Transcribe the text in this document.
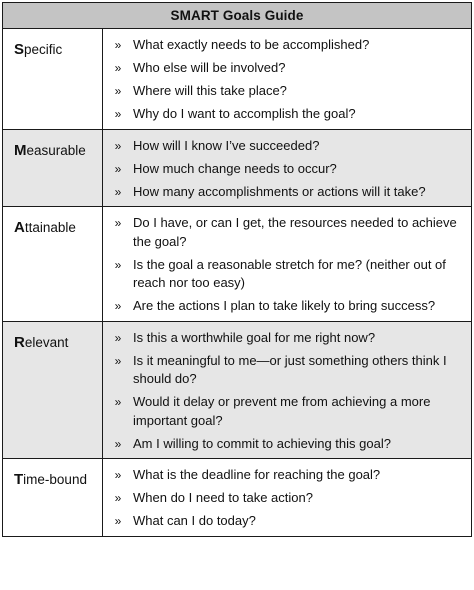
SMART Goals Guide
Specific	» What exactly needs to be accomplished?
» Who else will be involved?
» Where will this take place?
» Why do I want to accomplish the goal?
Measurable	» How will I know I’ve succeeded?
» How much change needs to occur?
» How many accomplishments or actions will it take?
Attainable	» Do I have, or can I get, the resources needed to achieve the goal?
» Is the goal a reasonable stretch for me? (neither out of reach nor too easy)
» Are the actions I plan to take likely to bring success?
Relevant	» Is this a worthwhile goal for me right now?
» Is it meaningful to me—or just something others think I should do?
» Would it delay or prevent me from achieving a more important goal?
» Am I willing to commit to achieving this goal?
Time-bound	» What is the deadline for reaching the goal?
» When do I need to take action?
» What can I do today?
